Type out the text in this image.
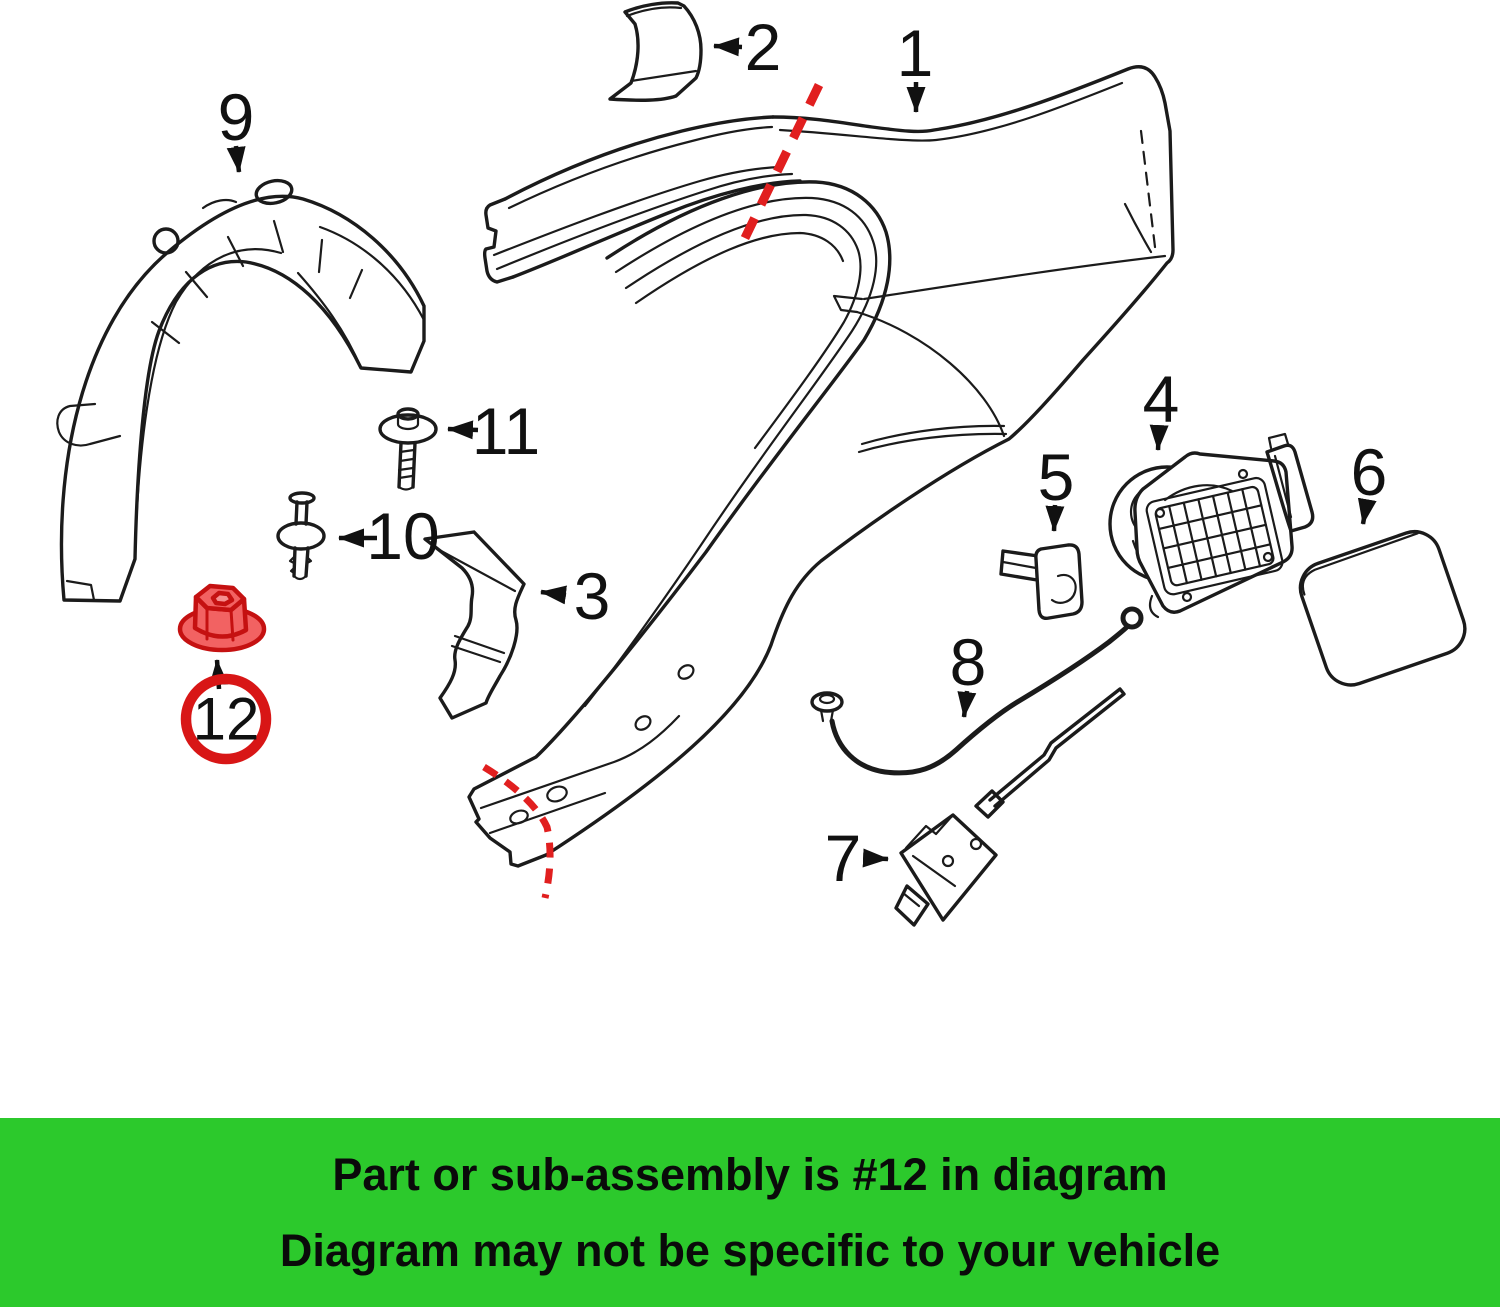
12
1
2
3
4
5	6
7
8
9
10
11
Part or sub-assembly is #12 in diagram
Diagram may not be specific to your vehicle
